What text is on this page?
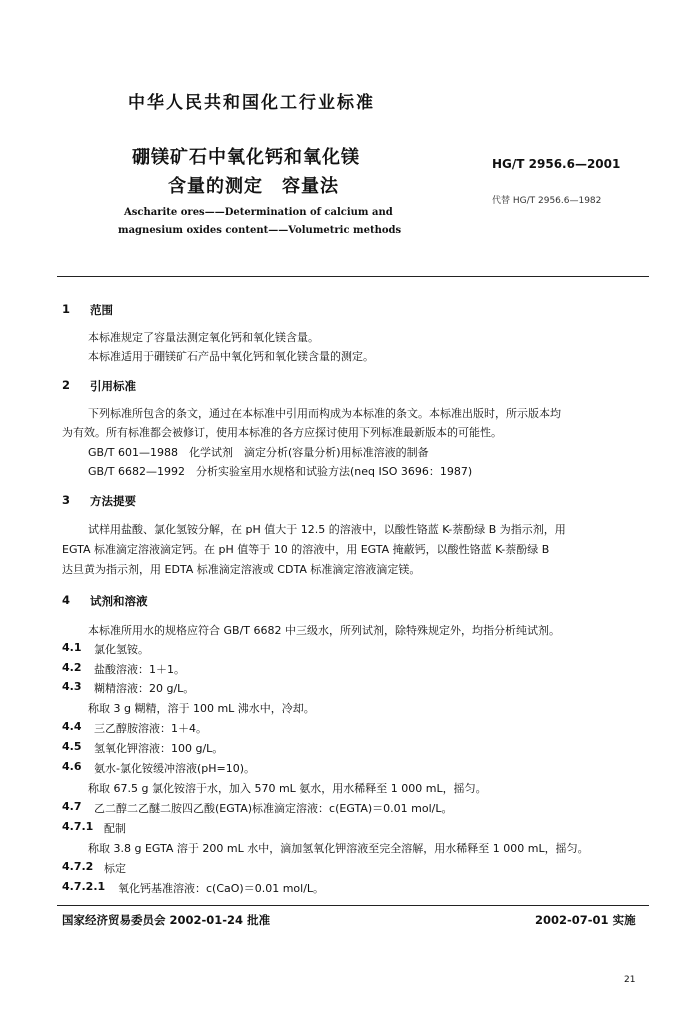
中华人民共和国化工行业标准
硼镁矿石中氧化钙和氧化镁
含量的测定　容量法
Ascharite ores——Determination of calcium and
magnesium oxides content——Volumetric methods
HG/T 2956.6—2001
代替 HG/T 2956.6—1982
1 范围
本标准规定了容量法测定氧化钙和氧化镁含量。
本标准适用于硼镁矿石产品中氧化钙和氧化镁含量的测定。
2 引用标准
下列标准所包含的条文，通过在本标准中引用而构成为本标准的条文。本标准出版时，所示版本均
为有效。所有标准都会被修订，使用本标准的各方应探讨使用下列标准最新版本的可能性。
GB/T 601—1988　化学试剂　滴定分析(容量分析)用标准溶液的制备
GB/T 6682—1992　分析实验室用水规格和试验方法(neq ISO 3696：1987)
3 方法提要
试样用盐酸、氯化氢铵分解，在 pH 值大于 12.5 的溶液中，以酸性铬蓝 K-萘酚绿 B 为指示剂，用
EGTA 标准滴定溶液滴定钙。在 pH 值等于 10 的溶液中，用 EGTA 掩蔽钙，以酸性铬蓝 K-萘酚绿 B
达旦黄为指示剂，用 EDTA 标准滴定溶液或 CDTA 标准滴定溶液滴定镁。
4 试剂和溶液
本标准所用水的规格应符合 GB/T 6682 中三级水，所列试剂，除特殊规定外，均指分析纯试剂。
4.1 氯化氢铵。
4.2 盐酸溶液：1＋1。
4.3 糊精溶液：20 g/L。
称取 3 g 糊精，溶于 100 mL 沸水中，冷却。
4.4 三乙醇胺溶液：1＋4。
4.5 氢氧化钾溶液：100 g/L。
4.6 氨水-氯化铵缓冲溶液(pH=10)。
称取 67.5 g 氯化铵溶于水，加入 570 mL 氨水，用水稀释至 1 000 mL，摇匀。
4.7 乙二醇二乙醚二胺四乙酸(EGTA)标准滴定溶液：c(EGTA)＝0.01 mol/L。
4.7.1 配制
称取 3.8 g EGTA 溶于 200 mL 水中，滴加氢氧化钾溶液至完全溶解，用水稀释至 1 000 mL，摇匀。
4.7.2 标定
4.7.2.1 氧化钙基准溶液：c(CaO)＝0.01 mol/L。
国家经济贸易委员会 2002-01-24 批准	2002-07-01 实施
21
